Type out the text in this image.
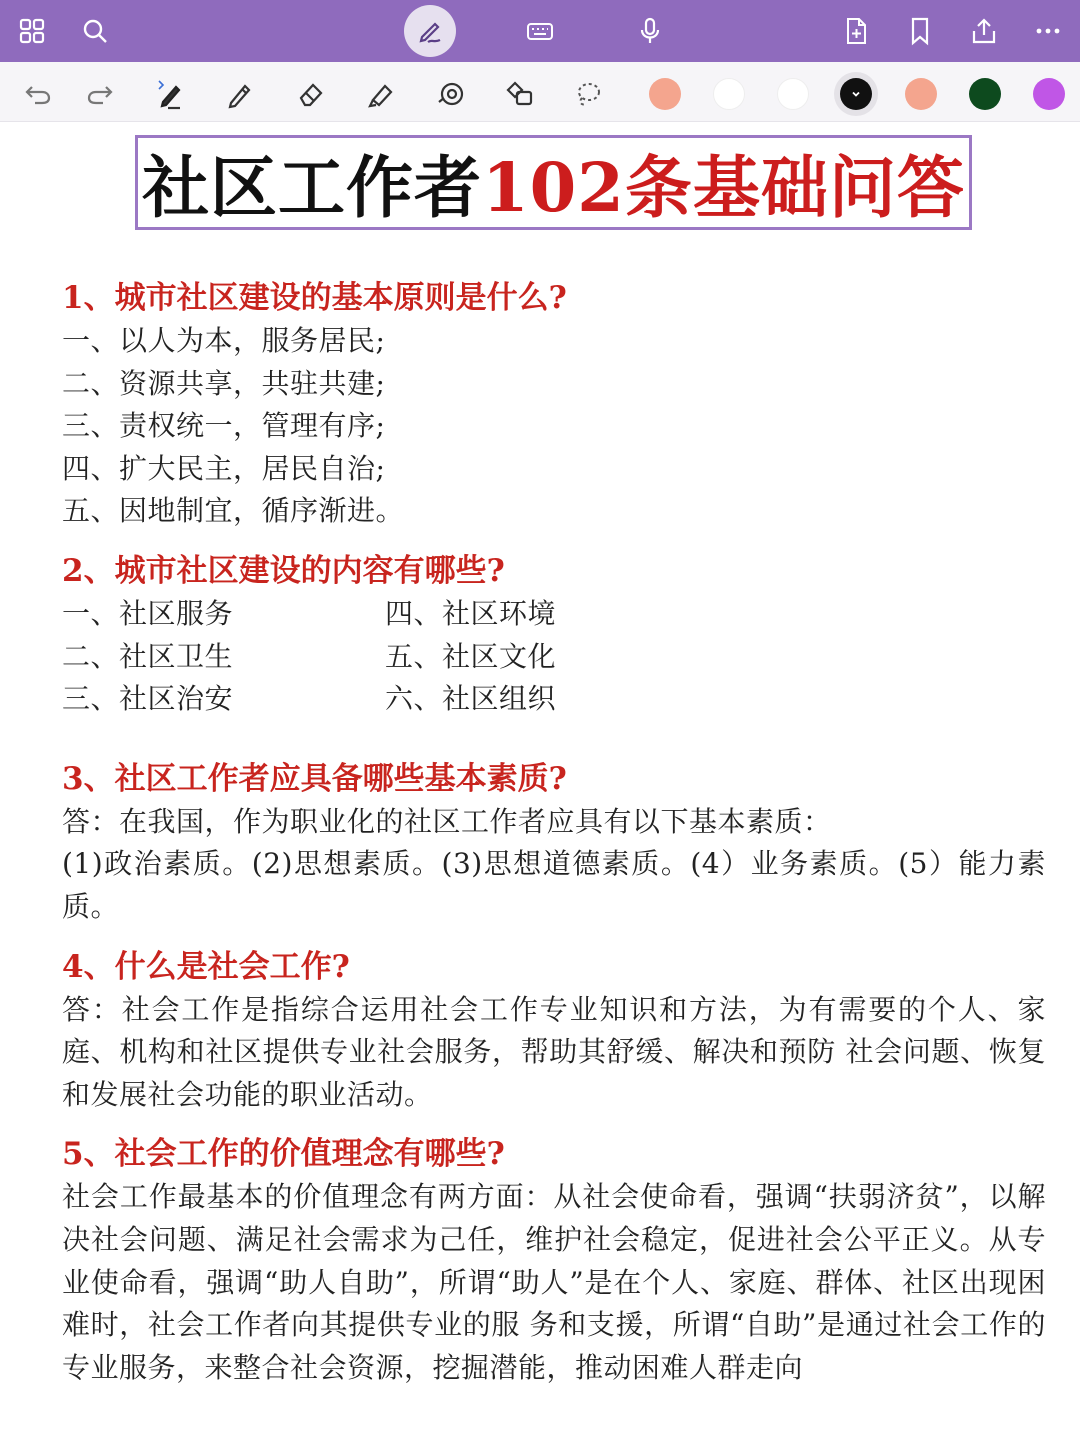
社区工作者 102条基础问答
1、城市社区建设的基本原则是什么?
一、以人为本，服务居民;
二、资源共享，共驻共建;
三、责权统一，管理有序;
四、扩大民主，居民自治;
五、因地制宜，循序渐进。
2、城市社区建设的内容有哪些?
一、社区服务
二、社区卫生
三、社区治安
四、社区环境
五、社区文化
六、社区组织
3、社区工作者应具备哪些基本素质?
答：在我国，作为职业化的社区工作者应具有以下基本素质：
(1)政治素质。(2)思想素质。(3)思想道德素质。(4）业务素质。(5）能力素质。
4、什么是社会工作?
答：社会工作是指综合运用社会工作专业知识和方法，为有需要的个人、家庭、机构和社区提供专业社会服务，帮助其舒缓、解决和预防 社会问题、恢复和发展社会功能的职业活动。
5、社会工作的价值理念有哪些?
社会工作最基本的价值理念有两方面：从社会使命看，强调“扶弱济贫”，以解决社会问题、满足社会需求为己任，维护社会稳定，促进社会公平正义。从专业使命看，强调“助人自助”，所谓“助人”是在个人、家庭、群体、社区出现困难时，社会工作者向其提供专业的服 务和支援，所谓“自助”是通过社会工作的专业服务，来整合社会资源，挖掘潜能，推动困难人群走向
